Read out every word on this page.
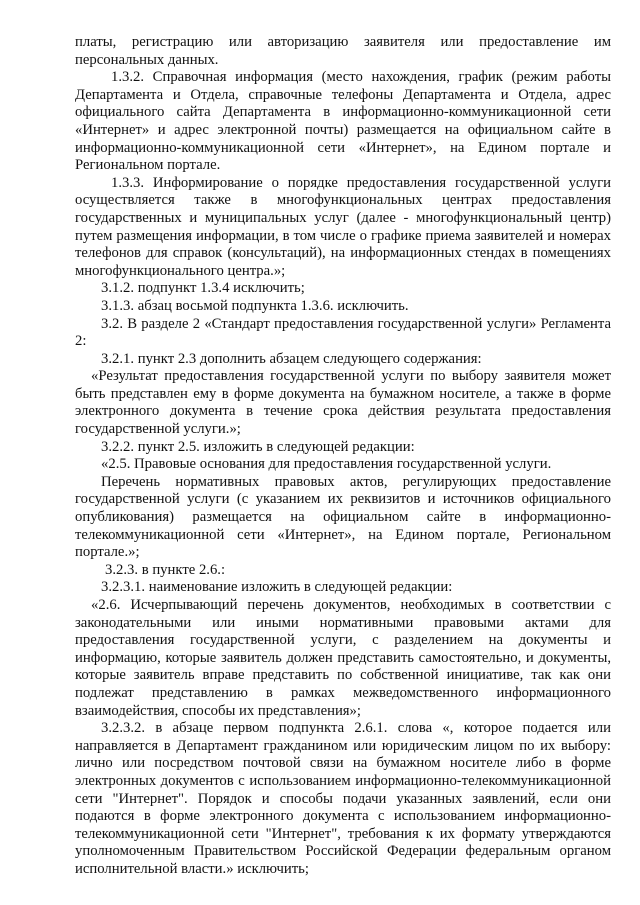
платы, регистрацию или авторизацию заявителя или предоставление им персональных данных.

1.3.2. Справочная информация (место нахождения, график (режим работы Департамента и Отдела, справочные телефоны Департамента и Отдела, адрес официального сайта Департамента в информационно-коммуникационной сети «Интернет» и адрес электронной почты) размещается на официальном сайте в информационно-коммуникационной сети «Интернет», на Едином портале и Региональном портале.

1.3.3. Информирование о порядке предоставления государственной услуги осуществляется также в многофункциональных центрах предоставления государственных и муниципальных услуг (далее - многофункциональный центр) путем размещения информации, в том числе о графике приема заявителей и номерах телефонов для справок (консультаций), на информационных стендах в помещениях многофункционального центра.»;

3.1.2. подпункт 1.3.4 исключить;

3.1.3. абзац восьмой подпункта 1.3.6. исключить.

3.2. В разделе 2 «Стандарт предоставления государственной услуги» Регламента 2:

3.2.1. пункт 2.3 дополнить абзацем следующего содержания:

«Результат предоставления государственной услуги по выбору заявителя может быть представлен ему в форме документа на бумажном носителе, а также в форме электронного документа в течение срока действия результата предоставления государственной услуги.»;

3.2.2. пункт 2.5. изложить в следующей редакции:

«2.5. Правовые основания для предоставления государственной услуги.

Перечень нормативных правовых актов, регулирующих предоставление государственной услуги (с указанием их реквизитов и источников официального опубликования) размещается на официальном сайте в информационно-телекоммуникационной сети «Интернет», на Едином портале, Региональном портале.»;

3.2.3. в пункте 2.6.:

3.2.3.1. наименование изложить в следующей редакции:

«2.6. Исчерпывающий перечень документов, необходимых в соответствии с законодательными или иными нормативными правовыми актами для предоставления государственной услуги, с разделением на документы и информацию, которые заявитель должен представить самостоятельно, и документы, которые заявитель вправе представить по собственной инициативе, так как они подлежат представлению в рамках межведомственного информационного взаимодействия, способы их представления»;

3.2.3.2. в абзаце первом подпункта 2.6.1. слова «, которое подается или направляется в Департамент гражданином или юридическим лицом по их выбору: лично или посредством почтовой связи на бумажном носителе либо в форме электронных документов с использованием информационно-телекоммуникационной сети "Интернет". Порядок и способы подачи указанных заявлений, если они подаются в форме электронного документа с использованием информационно-телекоммуникационной сети "Интернет", требования к их формату утверждаются уполномоченным Правительством Российской Федерации федеральным органом исполнительной власти.» исключить;
